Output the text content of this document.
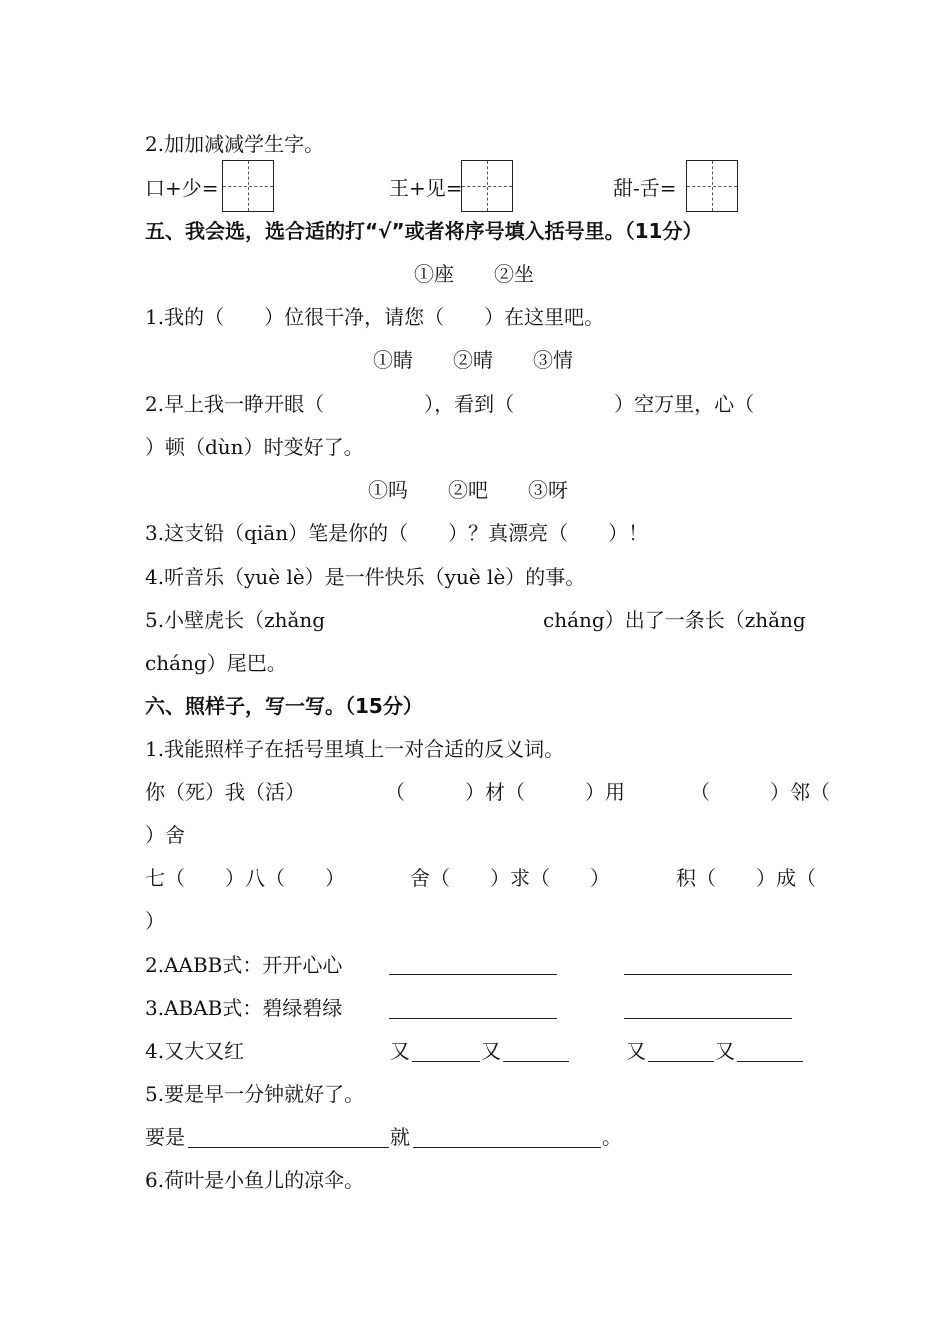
2.加加减减学生字。
口+少=	王+见=	甜-舌=
五、我会选，选合适的打“√”或者将序号填入括号里。（11分）
①座　　②坐
1.我的（　　）位很干净，请您（　　）在这里吧。
①睛　　②晴　　③情
2.早上我一睁开眼（　　　　　），看到（　　　　　）空万里，心（
）顿（dùn）时变好了。
①吗　　②吧　　③呀
3.这支铅（qiān）笔是你的（　　）？真漂亮（　　）！
4.听音乐（yuè lè）是一件快乐（yuè lè）的事。
5.小壁虎长（zhǎng	cháng）出了一条长（zhǎng
cháng）尾巴。
六、照样子，写一写。（15分）
1.我能照样子在括号里填上一对合适的反义词。
你（死）我（活）	（　　　）材（　　　）用	（　　　）邻（
）舍
七（　　）八（　　）	舍（　　）求（　　）	积（　　）成（
）
2.AABB式：开开心心
3.ABAB式：碧绿碧绿
4.又大又红	又	又	又	又
5.要是早一分钟就好了。
要是	就	。
6.荷叶是小鱼儿的凉伞。
